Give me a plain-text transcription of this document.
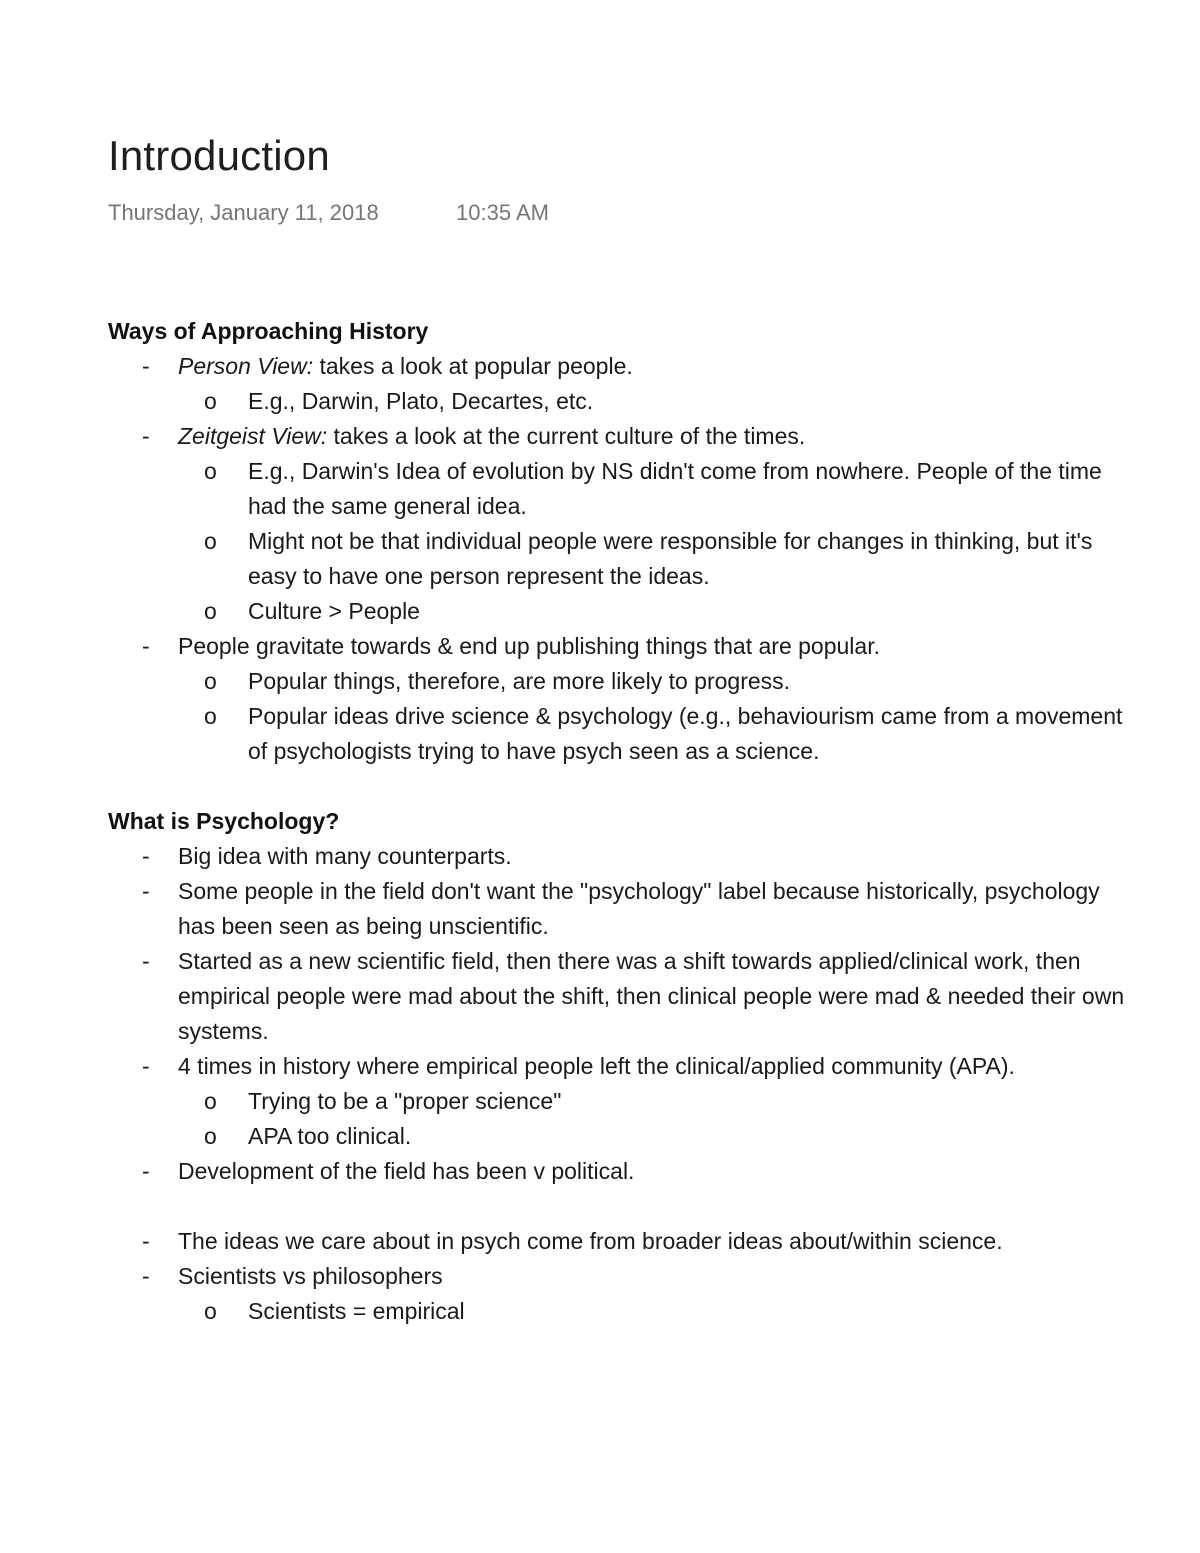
Introduction
Thursday, January 11, 2018	10:35 AM
Ways of Approaching History
- Person View: takes a look at popular people.
o E.g., Darwin, Plato, Decartes, etc.
- Zeitgeist View: takes a look at the current culture of the times.
o E.g., Darwin's Idea of evolution by NS didn't come from nowhere. People of the time had the same general idea.
o Might not be that individual people were responsible for changes in thinking, but it's easy to have one person represent the ideas.
o Culture > People
- People gravitate towards & end up publishing things that are popular.
o Popular things, therefore, are more likely to progress.
o Popular ideas drive science & psychology (e.g., behaviourism came from a movement of psychologists trying to have psych seen as a science.
What is Psychology?
- Big idea with many counterparts.
- Some people in the field don't want the "psychology" label because historically, psychology has been seen as being unscientific.
- Started as a new scientific field, then there was a shift towards applied/clinical work, then empirical people were mad about the shift, then clinical people were mad & needed their own systems.
- 4 times in history where empirical people left the clinical/applied community (APA).
o Trying to be a "proper science"
o APA too clinical.
- Development of the field has been v political.
- The ideas we care about in psych come from broader ideas about/within science.
- Scientists vs philosophers
o Scientists = empirical
